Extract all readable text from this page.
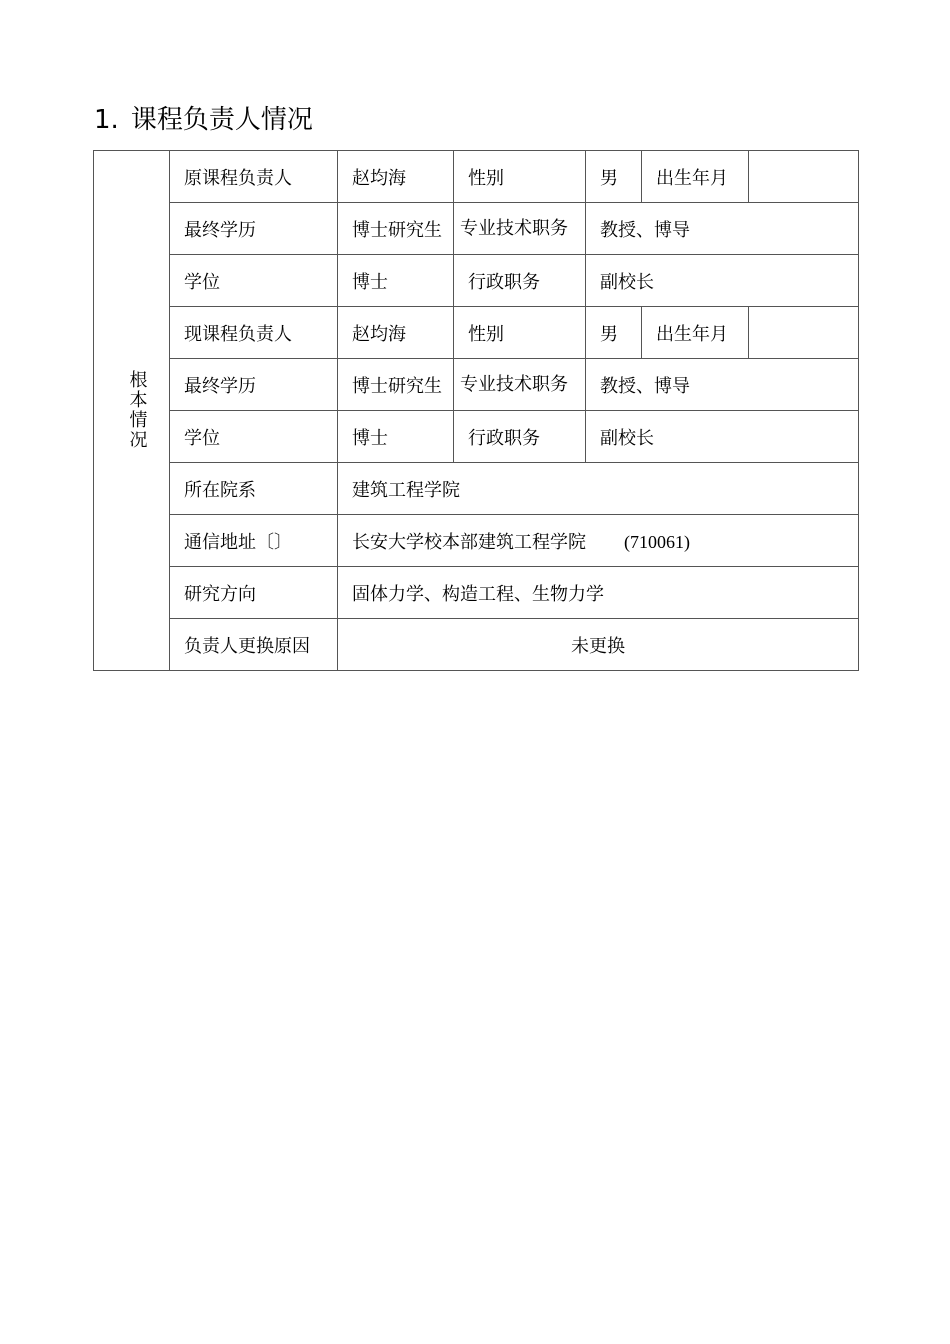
1. 课程负责人情况
根本情况	原课程负责人	赵均海	性别	男	出生年月	
	最终学历	博士研究生	专业技术职务	教授、博导		
	学位	博士	行政职务	副校长		
	现课程负责人	赵均海	性别	男	出生年月	
	最终学历	博士研究生	专业技术职务	教授、博导		
	学位	博士	行政职务	副校长		
	所在院系	建筑工程学院				
	通信地址〔〕	长安大学校本部建筑工程学院 (710061)				
	研究方向	固体力学、构造工程、生物力学				
	负责人更换原因	未更换				
